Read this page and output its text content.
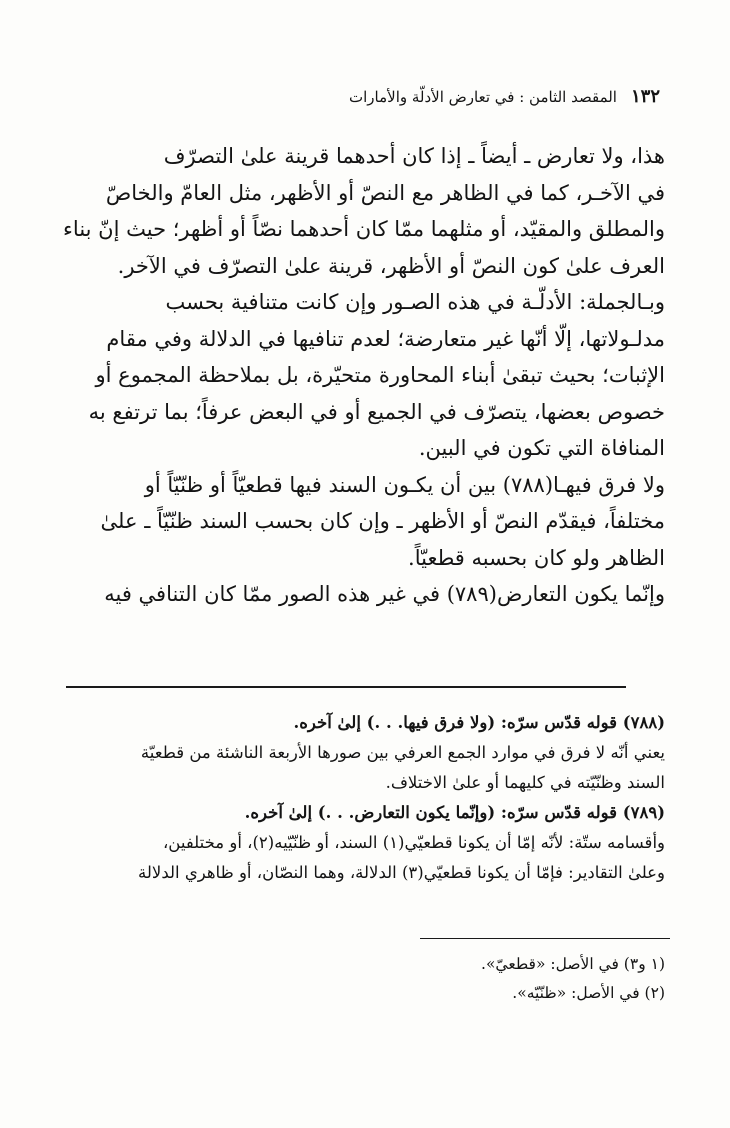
١٣٢
المقصد الثامن : في تعارض الأدلّة والأمارات
هذا، ولا تعارض ـ أيضاً ـ إذا كان أحدهما قرينة علىٰ التصرّف
في الآخـر، كما في الظاهر مع النصّ أو الأظهر، مثل العامّ والخاصّ
والمطلق والمقيّد، أو مثلهما ممّا كان أحدهما نصّاً أو أظهر؛ حيث إنّ بناء
العرف علىٰ كون النصّ أو الأظهر، قرينة علىٰ التصرّف في الآخر.
وبـالجملة: الأدلّـة في هذه الصـور وإن كانت متنافية بحسب
مدلـولاتها، إلّا أنّها غير متعارضة؛ لعدم تنافيها في الدلالة وفي مقام
الإثبات؛ بحيث تبقىٰ أبناء المحاورة متحيّرة، بل بملاحظة المجموع أو
خصوص بعضها، يتصرّف في الجميع أو في البعض عرفاً؛ بما ترتفع به
المنافاة التي تكون في البين.
ولا فرق فيهـا(٧٨٨) بين أن يكـون السند فيها قطعيّاً أو ظنّيّاً أو
مختلفاً، فيقدّم النصّ أو الأظهر ـ وإن كان بحسب السند ظنّيّاً ـ علىٰ
الظاهر ولو كان بحسبه قطعيّاً.
وإنّما يكون التعارض(٧٨٩) في غير هذه الصور ممّا كان التنافي فيه
(٧٨٨) قوله قدّس سرّه: (ولا فرق فيها. . .) إلىٰ آخره.
يعني أنّه لا فرق في موارد الجمع العرفي بين صورها الأربعة الناشئة من قطعيّة
السند وظنّيّته في كليهما أو علىٰ الاختلاف.
(٧٨٩) قوله قدّس سرّه: (وإنّما يكون التعارض. . .) إلىٰ آخره.
وأقسامه ستّة: لأنّه إمّا أن يكونا قطعيّي(١) السند، أو ظنّيّيه(٢)، أو مختلفين،
وعلىٰ التقادير: فإمّا أن يكونا قطعيّي(٣) الدلالة، وهما النصّان، أو ظاهري الدلالة
(١ و٣) في الأصل: «قطعيّ».
(٢) في الأصل: «ظنّيّه».
